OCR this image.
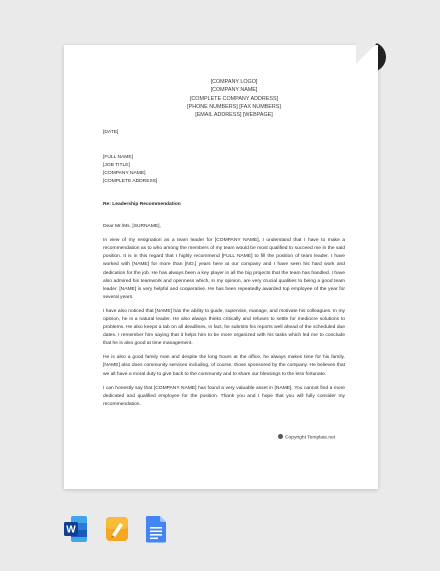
[COMPANY LOGO]
[COMPANY NAME]
[COMPLETE COMPANY ADDRESS]
[PHONE NUMBERS] [FAX NUMBERS]
[EMAIL ADDRESS] [WEBPAGE]
[DATE]
[FULL NAME]
[JOB TITLE]
[COMPANY NAME]
[COMPLETE ADDRESS]
Re: Leadership Recommendation
Dear Mr./Ms. [SURNAME],
In view of my resignation as a team leader for [COMPANY NAME], I understand that I have to make a recommendation as to who among the members of my team would be most qualified to succeed me in the said position. It is in this regard that I highly recommend [FULL NAME] to fill the position of team leader. I have worked with [NAME] for more than [NO.] years here at our company and I have seen his hard work and dedication for the job. He has always been a key player in all the big projects that the team has handled. I have also admired his teamwork and openness which, in my opinion, are very crucial qualities to being a good team leader. [NAME] is very helpful and cooperative. He has been repeatedly awarded top employee of the year for several years.
I have also noticed that [NAME] has the ability to guide, supervise, manage, and motivate his colleagues. In my opinion, he is a natural leader. He also always thinks critically and refuses to settle for mediocre solutions to problems. He also keeps a tab on all deadlines, in fact, he submits his reports well ahead of the scheduled due dates. I remember him saying that it helps him to be more organized with his tasks which led me to conclude that he is also good at time management.
He is also a good family man and despite the long hours at the office, he always makes time for his family. [NAME] also does community services including, of course, those sponsored by the company. He believes that we all have a moral duty to give back to the community and to share our blessings to the less fortunate.
I can honestly say that [COMPANY NAME] has found a very valuable asset in [NAME]. You cannot find a more dedicated and qualified employee for the position. Thank you and I hope that you will fully consider my recommendation.
Copyright Template.net
W
